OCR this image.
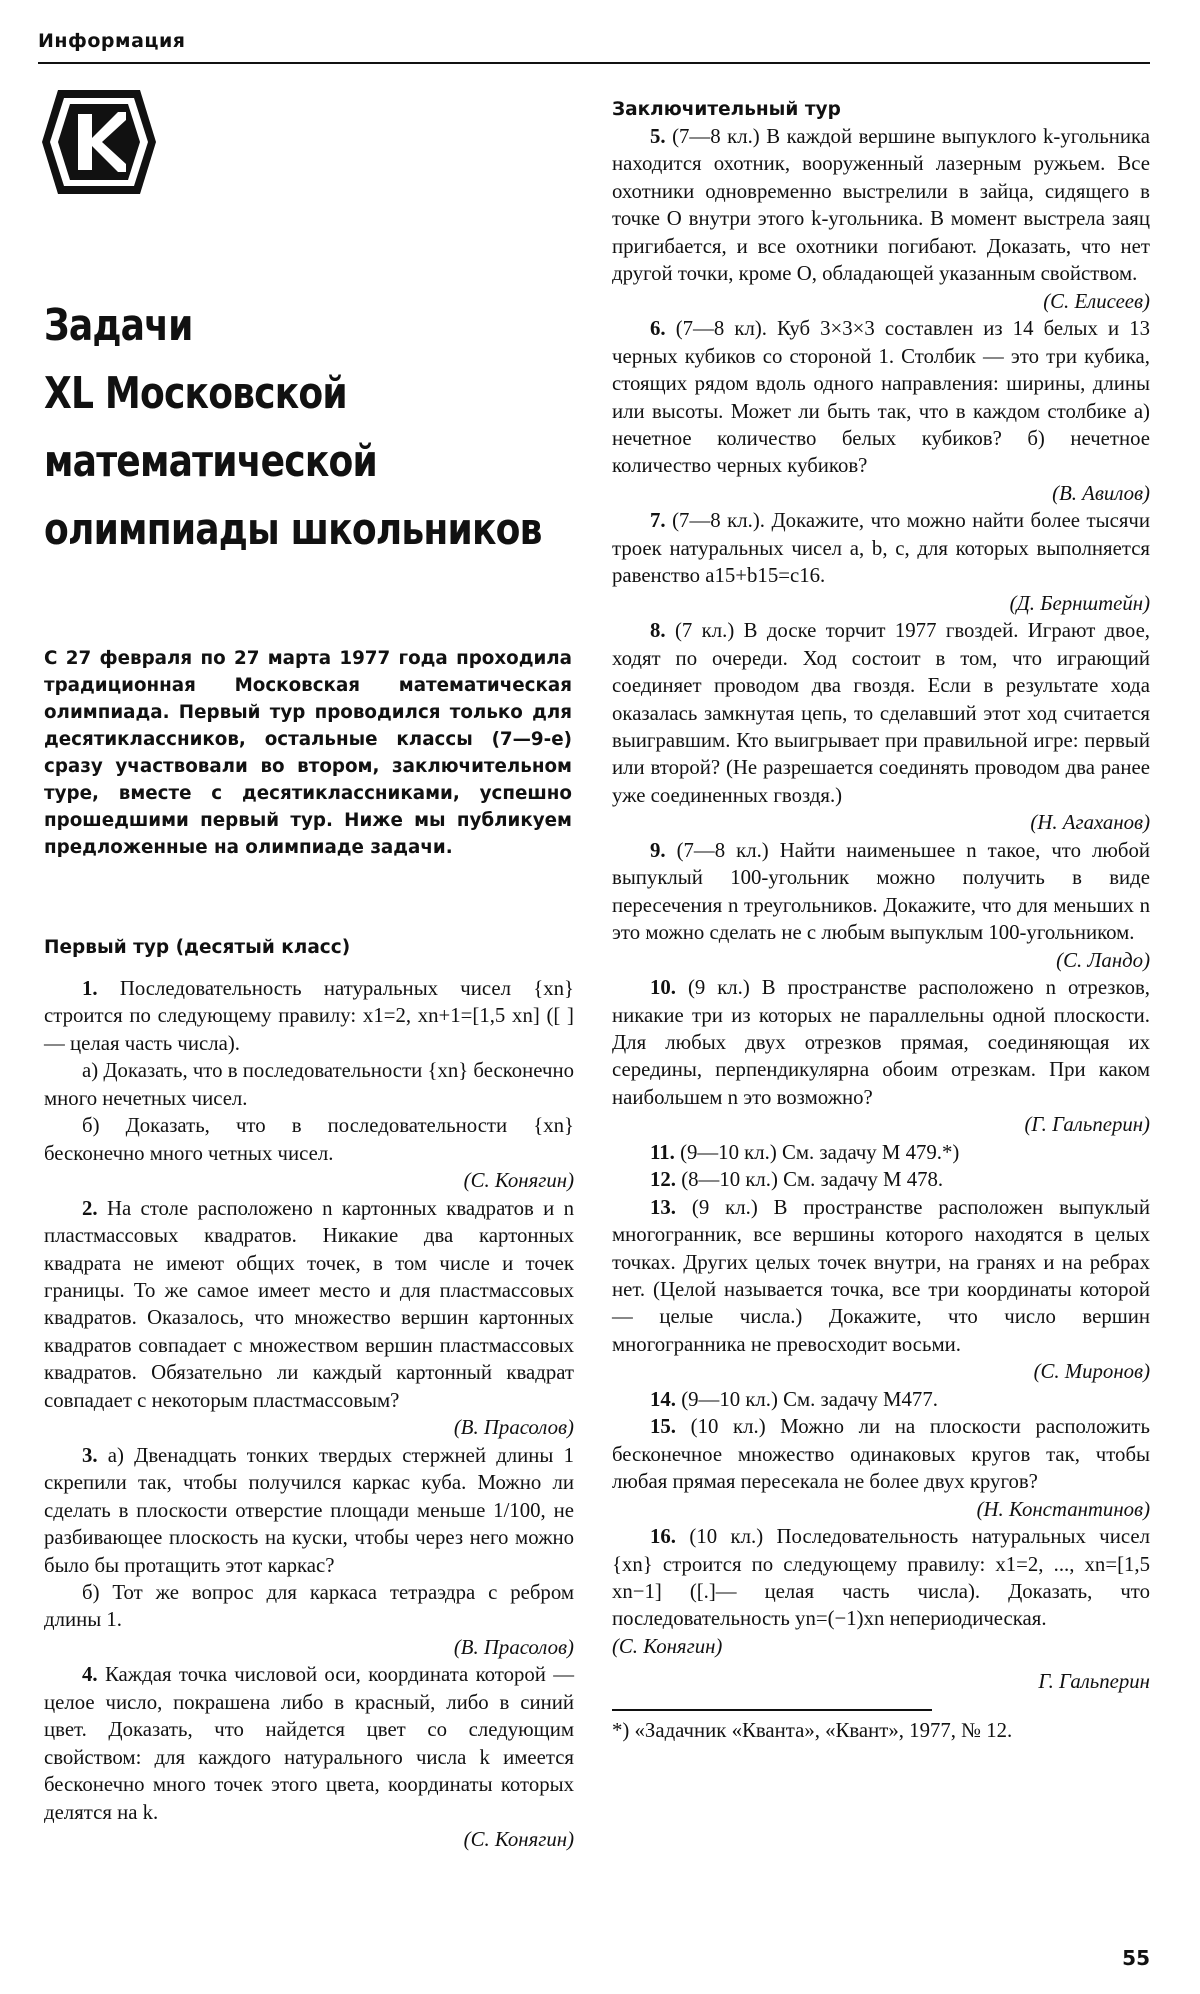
Информация
Задачи
XL Московской
математической
олимпиады школьников
С 27 февраля по 27 марта 1977 года проходила традиционная Московская математическая олимпиада. Первый тур проводился только для десятиклассников, остальные классы (7—9-е) сразу участвовали во втором, заключительном туре, вместе с десятиклассниками, успешно прошедшими первый тур. Ниже мы публикуем предложенные на олимпиаде задачи.
Первый тур (десятый класс)

1. Последовательность натуральных чисел {xn} строится по следующему правилу: x1=2, xn+1=[1,5 xn] ([ ] — целая часть числа).

а) Доказать, что в последовательности {xn} бесконечно много нечетных чисел.

б) Доказать, что в последовательности {xn} бесконечно много четных чисел.

(С. Конягин)

2. На столе расположено n картонных квадратов и n пластмассовых квадратов. Никакие два картонных квадрата не имеют общих точек, в том числе и точек границы. То же самое имеет место и для пластмассовых квадратов. Оказалось, что множество вершин картонных квадратов совпадает с множеством вершин пластмассовых квадратов. Обязательно ли каждый картонный квадрат совпадает с некоторым пластмассовым?

(В. Прасолов)

3. а) Двенадцать тонких твердых стержней длины 1 скрепили так, чтобы получился каркас куба. Можно ли сделать в плоскости отверстие площади меньше 1/100, не разбивающее плоскость на куски, чтобы через него можно было бы протащить этот каркас?

б) Тот же вопрос для каркаса тетраэдра с ребром длины 1.

(В. Прасолов)

4. Каждая точка числовой оси, координата которой — целое число, покрашена либо в красный, либо в синий цвет. Доказать, что найдется цвет со следующим свойством: для каждого натурального числа k имеется бесконечно много точек этого цвета, координаты которых делятся на k.

(С. Конягин)
Заключительный тур

5. (7—8 кл.) В каждой вершине выпуклого k-угольника находится охотник, вооруженный лазерным ружьем. Все охотники одновременно выстрелили в зайца, сидящего в точке O внутри этого k-угольника. В момент выстрела заяц пригибается, и все охотники погибают. Доказать, что нет другой точки, кроме O, обладающей указанным свойством.

(С. Елисеев)

6. (7—8 кл). Куб 3×3×3 составлен из 14 белых и 13 черных кубиков со стороной 1. Столбик — это три кубика, стоящих рядом вдоль одного направления: ширины, длины или высоты. Может ли быть так, что в каждом столбике а) нечетное количество белых кубиков? б) нечетное количество черных кубиков?

(В. Авилов)

7. (7—8 кл.). Докажите, что можно найти более тысячи троек натуральных чисел a, b, c, для которых выполняется равенство a15+b15=c16.

(Д. Бернштейн)

8. (7 кл.) В доске торчит 1977 гвоздей. Играют двое, ходят по очереди. Ход состоит в том, что играющий соединяет проводом два гвоздя. Если в результате хода оказалась замкнутая цепь, то сделавший этот ход считается выигравшим. Кто выигрывает при правильной игре: первый или второй? (Не разрешается соединять проводом два ранее уже соединенных гвоздя.)

(Н. Агаханов)

9. (7—8 кл.) Найти наименьшее n такое, что любой выпуклый 100-угольник можно получить в виде пересечения n треугольников. Докажите, что для меньших n это можно сделать не с любым выпуклым 100-угольником.

(С. Ландо)

10. (9 кл.) В пространстве расположено n отрезков, никакие три из которых не параллельны одной плоскости. Для любых двух отрезков прямая, соединяющая их середины, перпендикулярна обоим отрезкам. При каком наибольшем n это возможно?

(Г. Гальперин)

11. (9—10 кл.) См. задачу М 479.*)

12. (8—10 кл.) См. задачу М 478.

13. (9 кл.) В пространстве расположен выпуклый многогранник, все вершины которого находятся в целых точках. Других целых точек внутри, на гранях и на ребрах нет. (Целой называется точка, все три координаты которой — целые числа.) Докажите, что число вершин многогранника не превосходит восьми.

(С. Миронов)

14. (9—10 кл.) См. задачу М477.

15. (10 кл.) Можно ли на плоскости расположить бесконечное множество одинаковых кругов так, чтобы любая прямая пересекала не более двух кругов?

(Н. Константинов)

16. (10 кл.) Последовательность натуральных чисел {xn} строится по следующему правилу: x1=2, ..., xn=[1,5 xn−1] ([.]— целая часть числа). Доказать, что последовательность yn=(−1)xn непериодическая.

(С. Конягин)
Г. Гальперин
*) «Задачник «Кванта», «Квант», 1977, № 12.
55
